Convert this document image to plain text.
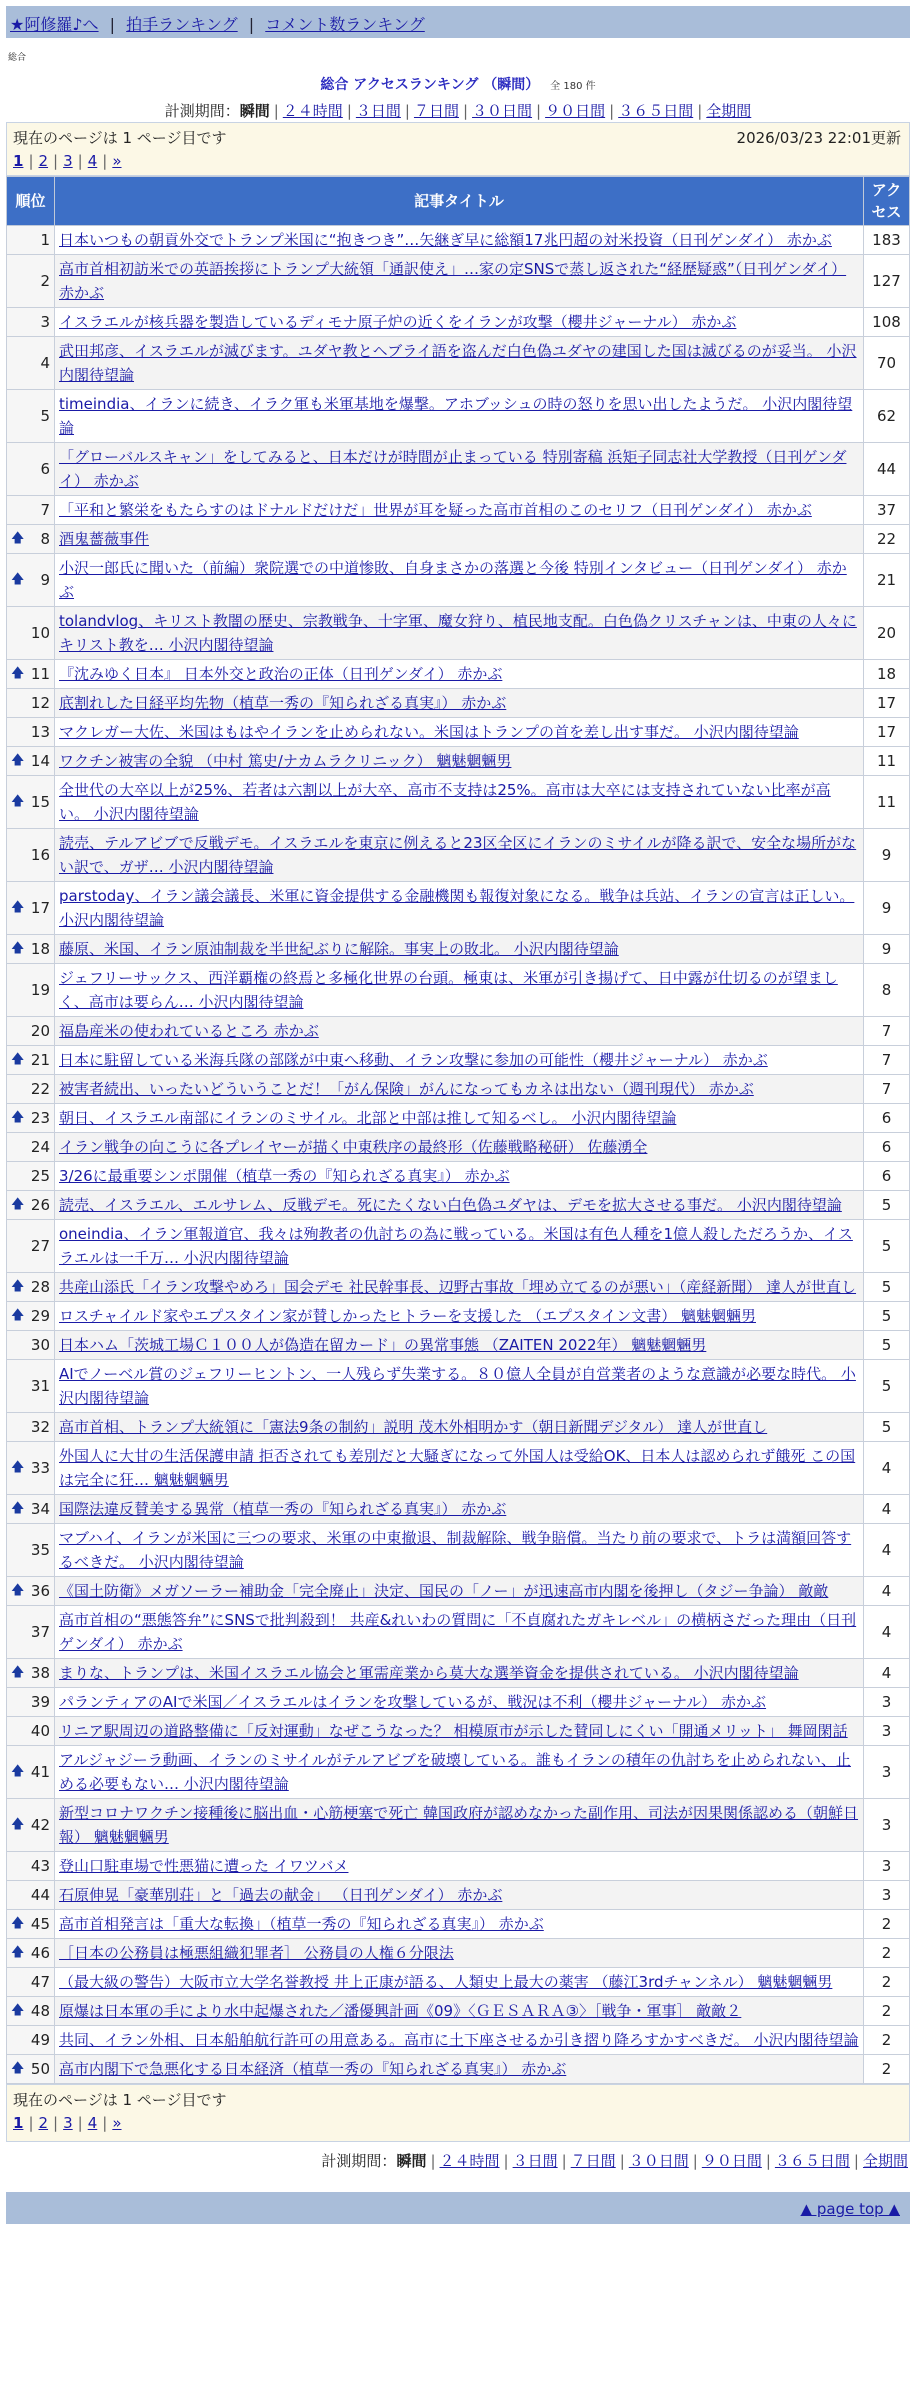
★阿修羅♪へ | 拍手ランキング | コメント数ランキング
総合
総合 アクセスランキング （瞬間） 全 180 件
計測期間：瞬間 | ２４時間 | ３日間 | ７日間 | ３０日間 | ９０日間 | ３６５日間 | 全期間
現在のページは 1 ページ目です	2026/03/23 22:01更新
1 | 2 | 3 | 4 | »
順位	記事タイトル	アクセス
1	日本いつもの朝貢外交でトランプ米国に“抱きつき”…矢継ぎ早に総額17兆円超の対米投資（日刊ゲンダイ） 赤かぶ	183
2	高市首相初訪米での英語挨拶にトランプ大統領「通訳使え」…家の定SNSで蒸し返された“経歴疑惑”（日刊ゲンダイ） 赤かぶ	127
3	イスラエルが核兵器を製造しているディモナ原子炉の近くをイランが攻撃（櫻井ジャーナル） 赤かぶ	108
4	武田邦彦、イスラエルが滅びます。ユダヤ教とヘブライ語を盗んだ白色偽ユダヤの建国した国は滅びるのが妥当。 小沢内閣待望論	70
5	timeindia、イランに続き、イラク軍も米軍基地を爆撃。アホブッシュの時の怒りを思い出したようだ。 小沢内閣待望論	62
6	「グローバルスキャン」をしてみると、日本だけが時間が止まっている 特別寄稿 浜矩子同志社大学教授（日刊ゲンダイ） 赤かぶ	44
7	「平和と繁栄をもたらすのはドナルドだけだ」世界が耳を疑った高市首相のこのセリフ（日刊ゲンダイ） 赤かぶ	37

🡅 8	酒鬼薔薇事件	22

🡅 9	小沢一郎氏に聞いた（前編）衆院選での中道惨敗、自身まさかの落選と今後 特別インタビュー（日刊ゲンダイ） 赤かぶ	21
10	tolandvlog、キリスト教闇の歴史、宗教戦争、十字軍、魔女狩り、植民地支配。白色偽クリスチャンは、中東の人々にキリスト教を… 小沢内閣待望論	20

🡅 11	『沈みゆく日本』 日本外交と政治の正体（日刊ゲンダイ） 赤かぶ	18
12	底割れした日経平均先物（植草一秀の『知られざる真実』） 赤かぶ	17
13	マクレガー大佐、米国はもはやイランを止められない。米国はトランプの首を差し出す事だ。 小沢内閣待望論	17

🡅 14	ワクチン被害の全貌 （中村 篤史/ナカムラクリニック） 魑魅魍魎男	11

🡅 15	全世代の大卒以上が25%、若者は六割以上が大卒、高市不支持は25%。高市は大卒には支持されていない比率が高い。 小沢内閣待望論	11
16	読売、テルアビブで反戦デモ。イスラエルを東京に例えると23区全区にイランのミサイルが降る訳で、安全な場所がない訳で、ガザ… 小沢内閣待望論	9

🡅 17	parstoday、イラン議会議長、米軍に資金提供する金融機関も報復対象になる。戦争は兵站、イランの宣言は正しい。 小沢内閣待望論	9

🡅 18	藤原、米国、イラン原油制裁を半世紀ぶりに解除。事実上の敗北。 小沢内閣待望論	9
19	ジェフリーサックス、西洋覇権の終焉と多極化世界の台頭。極東は、米軍が引き揚げて、日中露が仕切るのが望ましく、高市は要らん… 小沢内閣待望論	8
20	福島産米の使われているところ 赤かぶ	7

🡅 21	日本に駐留している米海兵隊の部隊が中東へ移動、イラン攻撃に参加の可能性（櫻井ジャーナル） 赤かぶ	7
22	被害者続出、いったいどういうことだ！「がん保険」がんになってもカネは出ない（週刊現代） 赤かぶ	7

🡅 23	朝日、イスラエル南部にイランのミサイル。北部と中部は推して知るべし。 小沢内閣待望論	6
24	イラン戦争の向こうに各プレイヤーが描く中東秩序の最終形（佐藤戦略秘研） 佐藤湧全	6
25	3/26に最重要シンポ開催（植草一秀の『知られざる真実』） 赤かぶ	6

🡅 26	読売、イスラエル、エルサレム、反戦デモ。死にたくない白色偽ユダヤは、デモを拡大させる事だ。 小沢内閣待望論	5
27	oneindia、イラン軍報道官、我々は殉教者の仇討ちの為に戦っている。米国は有色人種を1億人殺しただろうか、イスラエルは一千万… 小沢内閣待望論	5

🡅 28	共産山添氏「イラン攻撃やめろ」国会デモ 社民幹事長、辺野古事故「埋め立てるのが悪い」（産経新聞） 達人が世直し	5

🡅 29	ロスチャイルド家やエプスタイン家が賛しかったヒトラーを支援した （エプスタイン文書） 魑魅魍魎男	5
30	日本ハム「茨城工場Ｃ１００人が偽造在留カード」の異常事態 （ZAITEN 2022年） 魑魅魍魎男	5
31	AIでノーベル賞のジェフリーヒントン、一人残らず失業する。８０億人全員が自営業者のような意識が必要な時代。 小沢内閣待望論	5
32	高市首相、トランプ大統領に「憲法9条の制約」説明 茂木外相明かす（朝日新聞デジタル） 達人が世直し	5

🡅 33	外国人に大甘の生活保護申請 拒否されても差別だと大騒ぎになって外国人は受給OK、日本人は認められず餓死 この国は完全に狂… 魑魅魍魎男	4

🡅 34	国際法違反賛美する異常（植草一秀の『知られざる真実』） 赤かぶ	4
35	マブハイ、イランが米国に三つの要求、米軍の中東撤退、制裁解除、戦争賠償。当たり前の要求で、トラは満額回答するべきだ。 小沢内閣待望論	4

🡅 36	《国土防衛》メガソーラー補助金「完全廃止」決定、国民の「ノー」が迅速高市内閣を後押し（タジー争論） 敵敵	4
37	高市首相の“悪態答弁”にSNSで批判殺到！ 共産&れいわの質問に「不貞腐れたガキレベル」の横柄さだった理由（日刊ゲンダイ） 赤かぶ	4

🡅 38	まりな、トランプは、米国イスラエル協会と軍需産業から莫大な選挙資金を提供されている。 小沢内閣待望論	4
39	パランティアのAIで米国／イスラエルはイランを攻撃しているが、戦況は不利（櫻井ジャーナル） 赤かぶ	3
40	リニア駅周辺の道路整備に「反対運動」なぜこうなった？ 相模原市が示した賛同しにくい「開通メリット」 舞岡閑話	3

🡅 41	アルジャジーラ動画、イランのミサイルがテルアビブを破壊している。誰もイランの積年の仇討ちを止められない、止める必要もない… 小沢内閣待望論	3

🡅 42	新型コロナワクチン接種後に脳出血・心筋梗塞で死亡 韓国政府が認めなかった副作用、司法が因果関係認める（朝鮮日報） 魑魅魍魎男	3
43	登山口駐車場で性悪猫に遭った イワツバメ	3
44	石原伸晃「豪華別荘」と「過去の献金」 （日刊ゲンダイ） 赤かぶ	3

🡅 45	高市首相発言は「重大な転換」（植草一秀の『知られざる真実』） 赤かぶ	2

🡅 46	［日本の公務員は極悪組織犯罪者］ 公務員の人権６分限法	2
47	（最大級の警告）大阪市立大学名誉教授 井上正康が語る、人類史上最大の薬害 （藤江3rdチャンネル） 魑魅魍魎男	2

🡅 48	原爆は日本軍の手により水中起爆された／潘優興計画《09》〈ＧＥＳＡＲＡ③〉［戦争・軍事］ 敵敵２	2
49	共同、イラン外相、日本船舶航行許可の用意ある。高市に土下座させるか引き摺り降ろすかすべきだ。 小沢内閣待望論	2

🡅 50	高市内閣下で急悪化する日本経済（植草一秀の『知られざる真実』） 赤かぶ	2
現在のページは 1 ページ目です
1 | 2 | 3 | 4 | »
計測期間：瞬間 | ２４時間 | ３日間 | ７日間 | ３０日間 | ９０日間 | ３６５日間 | 全期間
▲ page top ▲
